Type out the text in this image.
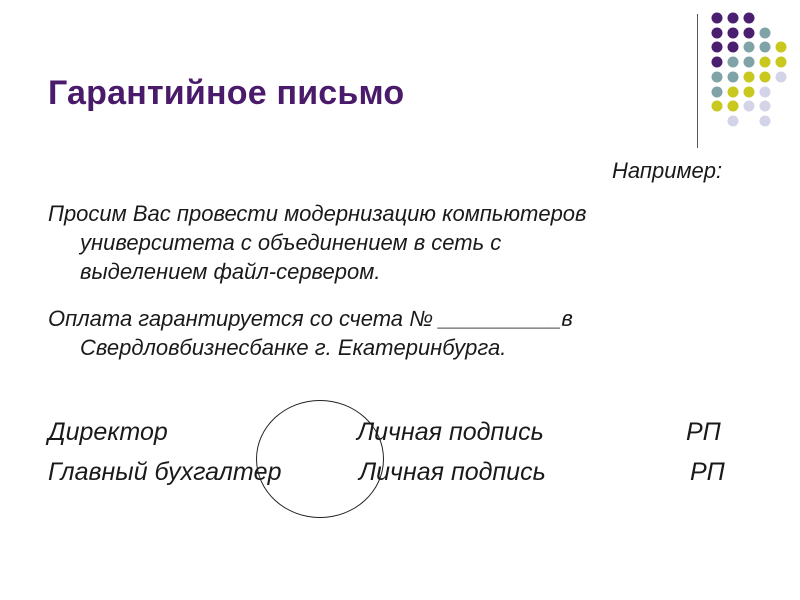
Гарантийное письмо
Например:
Просим Вас провести модернизацию компьютеров
университета с объединением в сеть с
выделением файл-сервером.
Оплата гарантируется со счета № __________в
Свердловбизнесбанке г. Екатеринбурга.
Директор	Личная подпись	РП
Главный бухгалтер	Личная подпись	РП
